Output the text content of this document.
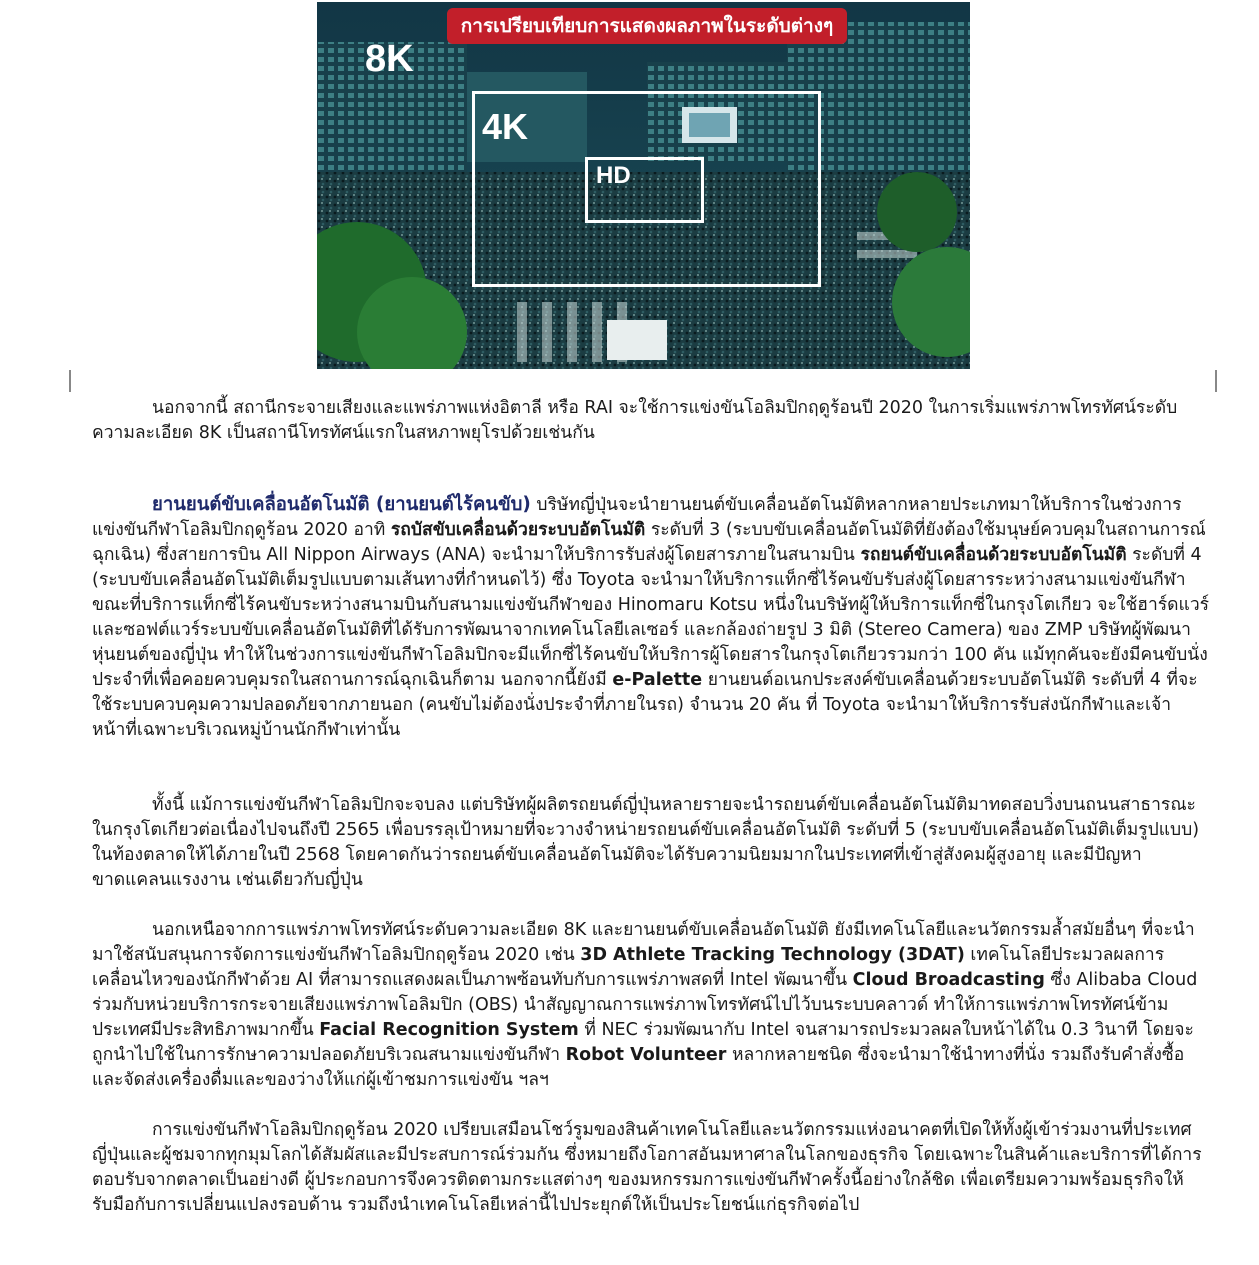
การเปรียบเทียบการแสดงผลภาพในระดับต่างๆ
8K
4K
HD

นอกจากนี้ สถานีกระจายเสียงและแพร่ภาพแห่งอิตาลี หรือ RAI จะใช้การแข่งขันโอลิมปิกฤดูร้อนปี 2020 ในการเริ่มแพร่ภาพโทรทัศน์ระดับความละเอียด 8K เป็นสถานีโทรทัศน์แรกในสหภาพยุโรปด้วยเช่นกัน

ยานยนต์ขับเคลื่อนอัตโนมัติ (ยานยนต์ไร้คนขับ) บริษัทญี่ปุ่นจะนำยานยนต์ขับเคลื่อนอัตโนมัติหลากหลายประเภทมาให้บริการในช่วงการแข่งขันกีฬาโอลิมปิกฤดูร้อน 2020 อาทิ รถบัสขับเคลื่อนด้วยระบบอัตโนมัติ ระดับที่ 3 (ระบบขับเคลื่อนอัตโนมัติที่ยังต้องใช้มนุษย์ควบคุมในสถานการณ์ฉุกเฉิน) ซึ่งสายการบิน All Nippon Airways (ANA) จะนำมาให้บริการรับส่งผู้โดยสารภายในสนามบิน รถยนต์ขับเคลื่อนด้วยระบบอัตโนมัติ ระดับที่ 4 (ระบบขับเคลื่อนอัตโนมัติเต็มรูปแบบตามเส้นทางที่กำหนดไว้) ซึ่ง Toyota จะนำมาให้บริการแท็กซี่ไร้คนขับรับส่งผู้โดยสารระหว่างสนามแข่งขันกีฬา ขณะที่บริการแท็กซี่ไร้คนขับระหว่างสนามบินกับสนามแข่งขันกีฬาของ Hinomaru Kotsu หนึ่งในบริษัทผู้ให้บริการแท็กซี่ในกรุงโตเกียว จะใช้ฮาร์ดแวร์และซอฟต์แวร์ระบบขับเคลื่อนอัตโนมัติที่ได้รับการพัฒนาจากเทคโนโลยีเลเซอร์ และกล้องถ่ายรูป 3 มิติ (Stereo Camera) ของ ZMP บริษัทผู้พัฒนาหุ่นยนต์ของญี่ปุ่น ทำให้ในช่วงการแข่งขันกีฬาโอลิมปิกจะมีแท็กซี่ไร้คนขับให้บริการผู้โดยสารในกรุงโตเกียวรวมกว่า 100 คัน แม้ทุกคันจะยังมีคนขับนั่งประจำที่เพื่อคอยควบคุมรถในสถานการณ์ฉุกเฉินก็ตาม นอกจากนี้ยังมี e-Palette ยานยนต์อเนกประสงค์ขับเคลื่อนด้วยระบบอัตโนมัติ ระดับที่ 4 ที่จะใช้ระบบควบคุมความปลอดภัยจากภายนอก (คนขับไม่ต้องนั่งประจำที่ภายในรถ) จำนวน 20 คัน ที่ Toyota จะนำมาให้บริการรับส่งนักกีฬาและเจ้าหน้าที่เฉพาะบริเวณหมู่บ้านนักกีฬาเท่านั้น

ทั้งนี้ แม้การแข่งขันกีฬาโอลิมปิกจะจบลง แต่บริษัทผู้ผลิตรถยนต์ญี่ปุ่นหลายรายจะนำรถยนต์ขับเคลื่อนอัตโนมัติมาทดสอบวิ่งบนถนนสาธารณะในกรุงโตเกียวต่อเนื่องไปจนถึงปี 2565 เพื่อบรรลุเป้าหมายที่จะวางจำหน่ายรถยนต์ขับเคลื่อนอัตโนมัติ ระดับที่ 5 (ระบบขับเคลื่อนอัตโนมัติเต็มรูปแบบ) ในท้องตลาดให้ได้ภายในปี 2568 โดยคาดกันว่ารถยนต์ขับเคลื่อนอัตโนมัติจะได้รับความนิยมมากในประเทศที่เข้าสู่สังคมผู้สูงอายุ และมีปัญหาขาดแคลนแรงงาน เช่นเดียวกับญี่ปุ่น

นอกเหนือจากการแพร่ภาพโทรทัศน์ระดับความละเอียด 8K และยานยนต์ขับเคลื่อนอัตโนมัติ ยังมีเทคโนโลยีและนวัตกรรมล้ำสมัยอื่นๆ ที่จะนำมาใช้สนับสนุนการจัดการแข่งขันกีฬาโอลิมปิกฤดูร้อน 2020 เช่น 3D Athlete Tracking Technology (3DAT) เทคโนโลยีประมวลผลการเคลื่อนไหวของนักกีฬาด้วย AI ที่สามารถแสดงผลเป็นภาพซ้อนทับกับการแพร่ภาพสดที่ Intel พัฒนาขึ้น Cloud Broadcasting ซึ่ง Alibaba Cloud ร่วมกับหน่วยบริการกระจายเสียงแพร่ภาพโอลิมปิก (OBS) นำสัญญาณการแพร่ภาพโทรทัศน์ไปไว้บนระบบคลาวด์ ทำให้การแพร่ภาพโทรทัศน์ข้ามประเทศมีประสิทธิภาพมากขึ้น Facial Recognition System ที่ NEC ร่วมพัฒนากับ Intel จนสามารถประมวลผลใบหน้าได้ใน 0.3 วินาที โดยจะถูกนำไปใช้ในการรักษาความปลอดภัยบริเวณสนามแข่งขันกีฬา Robot Volunteer หลากหลายชนิด ซึ่งจะนำมาใช้นำทางที่นั่ง รวมถึงรับคำสั่งซื้อและจัดส่งเครื่องดื่มและของว่างให้แก่ผู้เข้าชมการแข่งขัน ฯลฯ

การแข่งขันกีฬาโอลิมปิกฤดูร้อน 2020 เปรียบเสมือนโชว์รูมของสินค้าเทคโนโลยีและนวัตกรรมแห่งอนาคตที่เปิดให้ทั้งผู้เข้าร่วมงานที่ประเทศญี่ปุ่นและผู้ชมจากทุกมุมโลกได้สัมผัสและมีประสบการณ์ร่วมกัน ซึ่งหมายถึงโอกาสอันมหาศาลในโลกของธุรกิจ โดยเฉพาะในสินค้าและบริการที่ได้การตอบรับจากตลาดเป็นอย่างดี ผู้ประกอบการจึงควรติดตามกระแสต่างๆ ของมหกรรมการแข่งขันกีฬาครั้งนี้อย่างใกล้ชิด เพื่อเตรียมความพร้อมธุรกิจให้รับมือกับการเปลี่ยนแปลงรอบด้าน รวมถึงนำเทคโนโลยีเหล่านี้ไปประยุกต์ให้เป็นประโยชน์แก่ธุรกิจต่อไป
